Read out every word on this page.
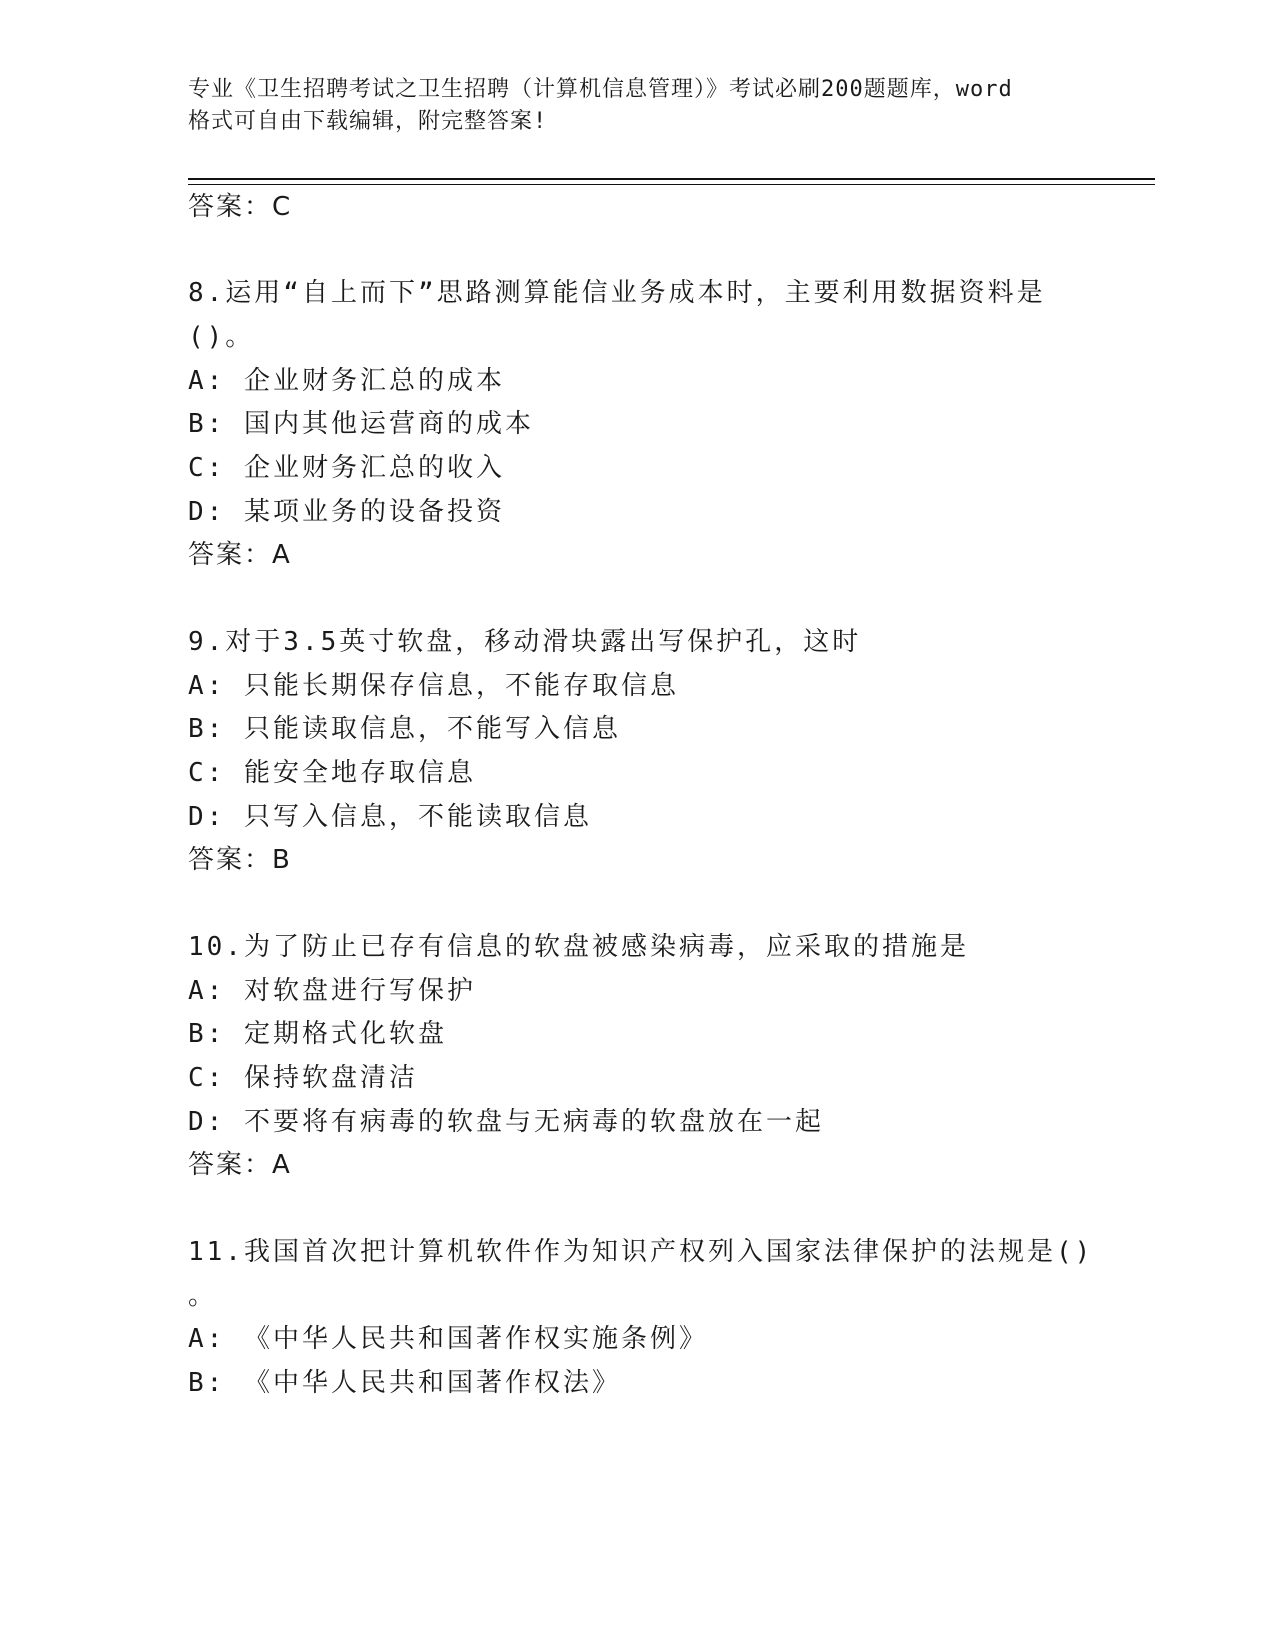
专业《卫生招聘考试之卫生招聘（计算机信息管理）》考试必刷200题题库，word
格式可自由下载编辑，附完整答案!
答案：C
8.运用“自上而下”思路测算能信业务成本时，主要利用数据资料是
()。
A: 企业财务汇总的成本
B: 国内其他运营商的成本
C: 企业财务汇总的收入
D: 某项业务的设备投资
答案：A
9.对于3.5英寸软盘，移动滑块露出写保护孔，这时
A: 只能长期保存信息，不能存取信息
B: 只能读取信息，不能写入信息
C: 能安全地存取信息
D: 只写入信息，不能读取信息
答案：B
10.为了防止已存有信息的软盘被感染病毒，应采取的措施是
A: 对软盘进行写保护
B: 定期格式化软盘
C: 保持软盘清洁
D: 不要将有病毒的软盘与无病毒的软盘放在一起
答案：A
11.我国首次把计算机软件作为知识产权列入国家法律保护的法规是()
。
A: 《中华人民共和国著作权实施条例》
B: 《中华人民共和国著作权法》
